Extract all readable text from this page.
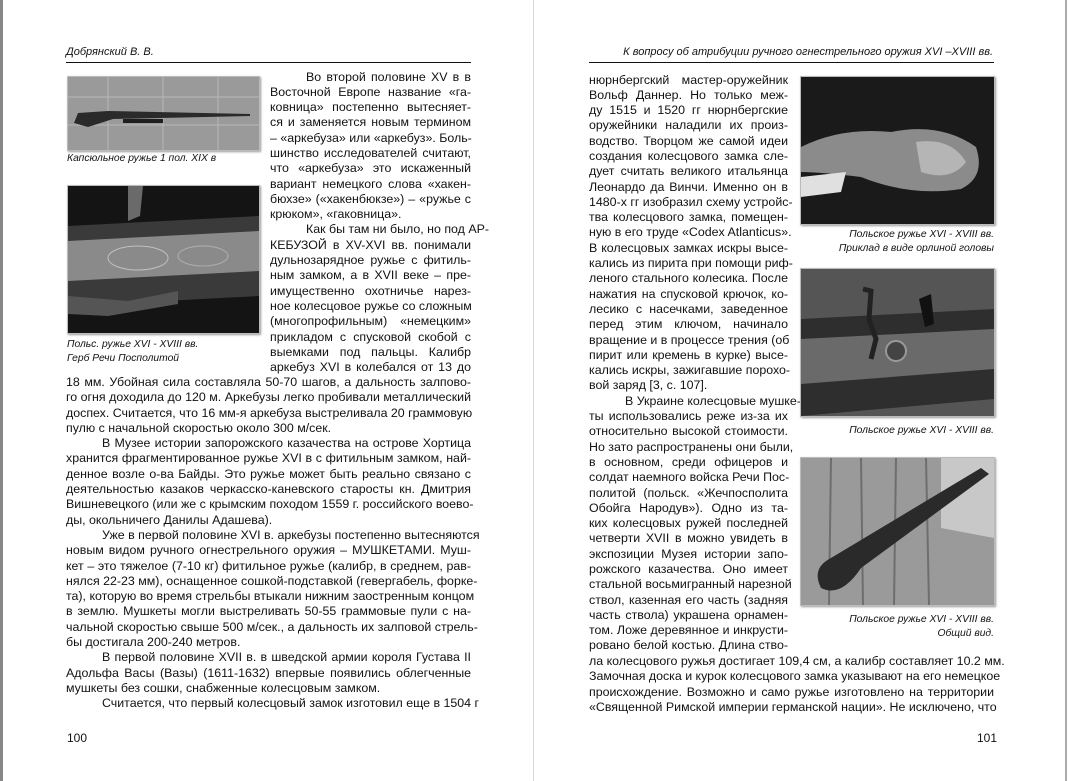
Добрянский В. В.
Капсюльное ружье 1 пол. XIX в
Польс. ружье XVI - XVIII вв.
Герб Речи Посполитой
Во второй половине XV в в
Восточной Европе название «га-
ковница» постепенно вытесняет-
ся и заменяется новым термином
– «аркебуза» или «аркебуз». Боль-
шинство исследователей считают,
что «аркебуза» это искаженный
вариант немецкого слова «хакен-
бюхзе» («хакенбюкзе») – «ружье с
крюком», «гаковница».
Как бы там ни было, но под АР-
КЕБУЗОЙ в XV-XVI вв. понимали
дульнозарядное ружье с фитиль-
ным замком, а в XVII веке – пре-
имущественно охотничье нарез-
ное колесцовое ружье со сложным
(многопрофильным) «немецким»
прикладом с спусковой скобой с
выемками под пальцы. Калибр
аркебуз XVI в колебался от 13 до
18 мм. Убойная сила составляла 50-70 шагов, а дальность залпово-
го огня доходила до 120 м. Аркебузы легко пробивали металлический
доспех. Считается, что 16 мм-я аркебуза выстреливала 20 граммовую
пулю с начальной скоростью около 300 м/сек.
В Музее истории запорожского казачества на острове Хортица
хранится фрагментированное ружье XVI в с фитильным замком, най-
денное возле о-ва Байды. Это ружье может быть реально связано с
деятельностью казаков черкасско-каневского старосты кн. Дмитрия
Вишневецкого (или же с крымским походом 1559 г. российского воево-
ды, окольничего Данилы Адашева).
Уже в первой половине XVI в. аркебузы постепенно вытесняются
новым видом ручного огнестрельного оружия – МУШКЕТАМИ. Муш-
кет – это тяжелое (7-10 кг) фитильное ружье (калибр, в среднем, рав-
нялся 22-23 мм), оснащенное сошкой-подставкой (гевергабель, форке-
та), которую во время стрельбы втыкали нижним заостренным концом
в землю. Мушкеты могли выстреливать 50-55 граммовые пули с на-
чальной скоростью свыше 500 м/сек., а дальность их залповой стрель-
бы достигала 200-240 метров.
В первой половине XVII в. в шведской армии короля Густава II
Адольфа Васы (Вазы) (1611-1632) впервые появились облегченные
мушкеты без сошки, снабженные колесцовым замком.
Считается, что первый колесцовый замок изготовил еще в 1504 г
100
К вопросу об атрибуции ручного огнестрельного оружия XVI –XVIII вв.
нюрнбергский мастер-оружейник
Вольф Даннер. Но только меж-
ду 1515 и 1520 гг нюрнбергские
оружейники наладили их произ-
водство. Творцом же самой идеи
создания колесцового замка сле-
дует считать великого итальянца
Леонардо да Винчи. Именно он в
1480-х гг изобразил схему устройс-
тва колесцового замка, помещен-
ную в его труде «Codex Atlanticus».
В колесцовых замках искры высе-
кались из пирита при помощи риф-
леного стального колесика. После
нажатия на спусковой крючок, ко-
лесико с насечками, заведенное
перед этим ключом, начинало
вращение и в процессе трения (об
пирит или кремень в курке) высе-
кались искры, зажигавшие порохо-
вой заряд [3, с. 107].
В Украине колесцовые мушке-
ты использовались реже из-за их
относительно высокой стоимости.
Но зато распространены они были,
в основном, среди офицеров и
солдат наемного войска Речи Пос-
политой (польск. «Жечпосполита
Обойга Народув»). Одно из та-
ких колесцовых ружей последней
четверти XVII в можно увидеть в
экспозиции Музея истории запо-
рожского казачества. Оно имеет
стальной восьмигранный нарезной
ствол, казенная его часть (задняя
часть ствола) украшена орнамен-
том. Ложе деревянное и инкрусти-
ровано белой костью. Длина ство-
ла колесцового ружья достигает 109,4 см, а калибр составляет 10.2 мм.
Замочная доска и курок колесцового замка указывают на его немецкое
происхождение. Возможно и само ружье изготовлено на территории
«Священной Римской империи германской нации». Не исключено, что
Польское ружье XVI - XVIII вв.
Приклад в виде орлиной головы
Польское ружье XVI - XVIII вв.
Польское ружье XVI - XVIII вв.
Общий вид.
101
